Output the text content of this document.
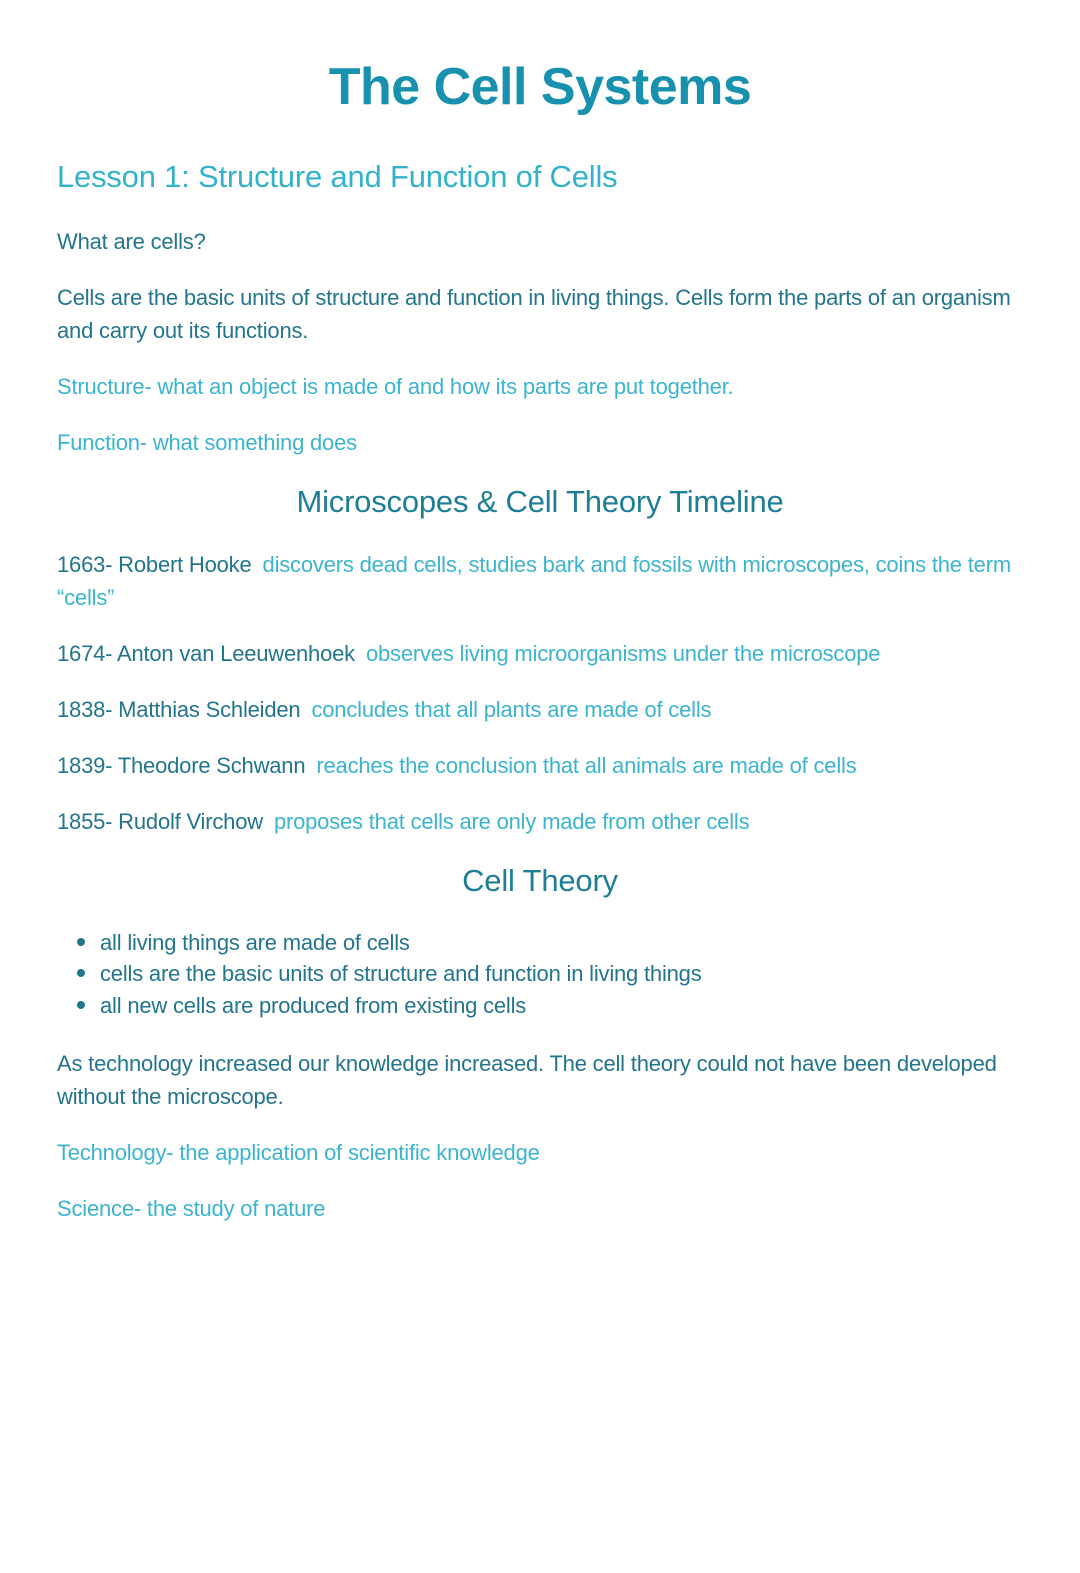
The Cell Systems
Lesson 1: Structure and Function of Cells

What are cells?

Cells are the basic units of structure and function in living things. Cells form the parts of an organism and carry out its functions.

Structure- what an object is made of and how its parts are put together.

Function- what something does

Microscopes & Cell Theory Timeline

1663- Robert Hooke discovers dead cells, studies bark and fossils with microscopes, coins the term “cells”

1674- Anton van Leeuwenhoek observes living microorganisms under the microscope

1838- Matthias Schleiden concludes that all plants are made of cells

1839- Theodore Schwann reaches the conclusion that all animals are made of cells

1855- Rudolf Virchow proposes that cells are only made from other cells

Cell Theory
all living things are made of cells
cells are the basic units of structure and function in living things
all new cells are produced from existing cells

As technology increased our knowledge increased. The cell theory could not have been developed without the microscope.

Technology- the application of scientific knowledge

Science- the study of nature
